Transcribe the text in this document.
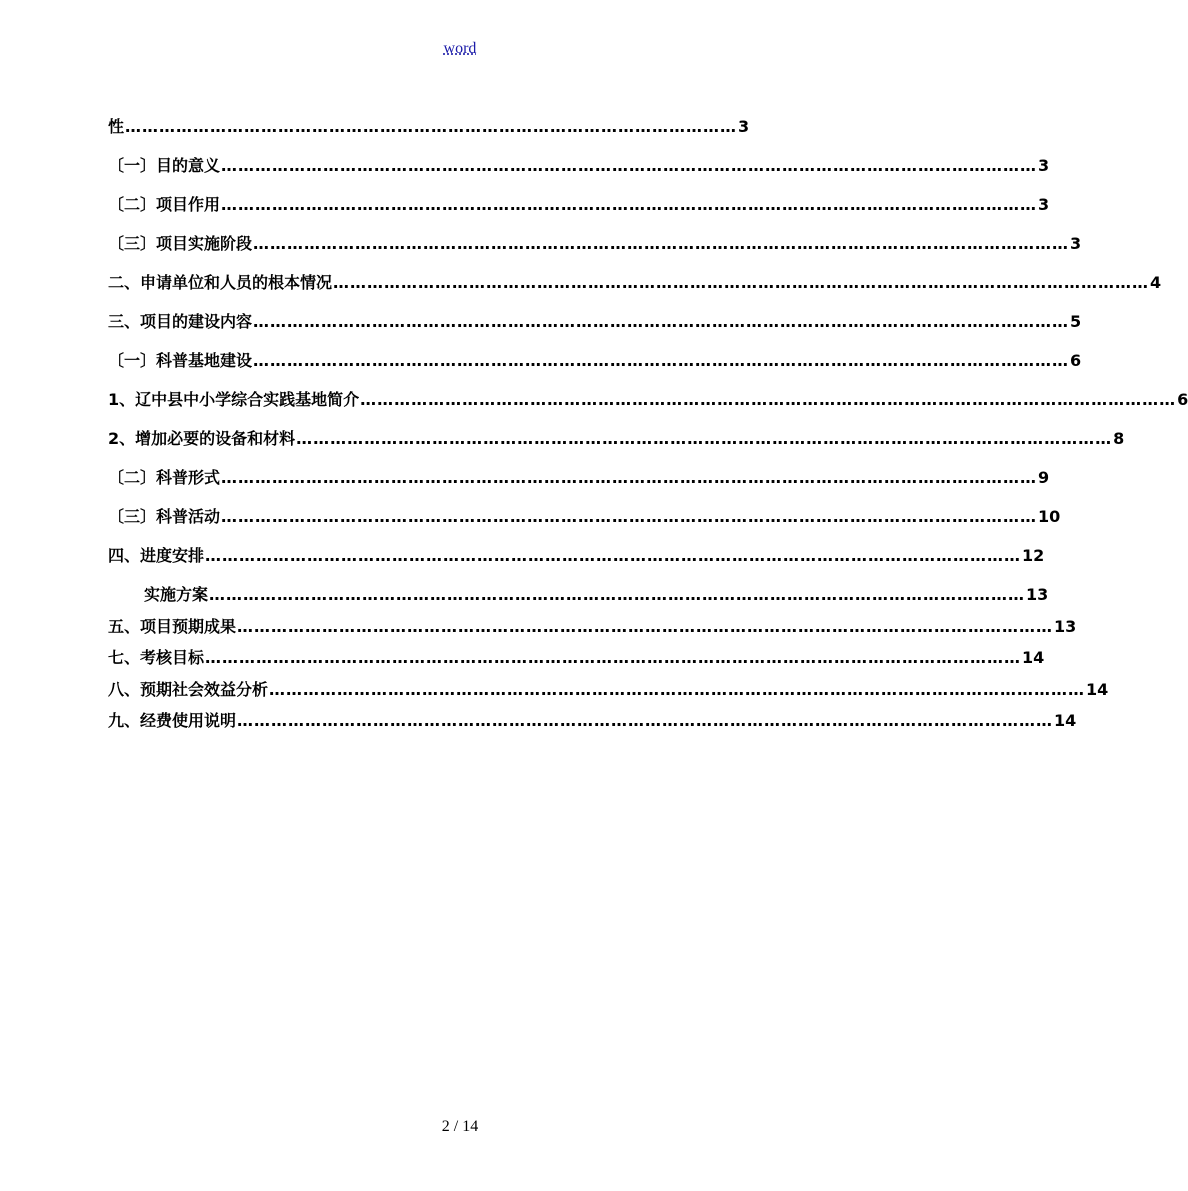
word
性 ……………………………………………………………………………………………… 3
〔一〕目的意义 ……………………………………………………………………………………………………………………………… 3
〔二〕项目作用 ……………………………………………………………………………………………………………………………… 3
〔三〕项目实施阶段 ……………………………………………………………………………………………………………………………… 3
二、申请单位和人员的根本情况 ……………………………………………………………………………………………………………………………… 4
三、项目的建设内容 ……………………………………………………………………………………………………………………………… 5
〔一〕科普基地建设 ……………………………………………………………………………………………………………………………… 6
1、辽中县中小学综合实践基地简介 ……………………………………………………………………………………………………………………………… 6
2、增加必要的设备和材料 ……………………………………………………………………………………………………………………………… 8
〔二〕科普形式 ……………………………………………………………………………………………………………………………… 9
〔三〕科普活动 ……………………………………………………………………………………………………………………………… 10
四、进度安排 ……………………………………………………………………………………………………………………………… 12
实施方案 ……………………………………………………………………………………………………………………………… 13
五、项目预期成果 ……………………………………………………………………………………………………………………………… 13
七、考核目标 ……………………………………………………………………………………………………………………………… 14
八、预期社会效益分析 ……………………………………………………………………………………………………………………………… 14
九、经费使用说明 ……………………………………………………………………………………………………………………………… 14
2 / 14
